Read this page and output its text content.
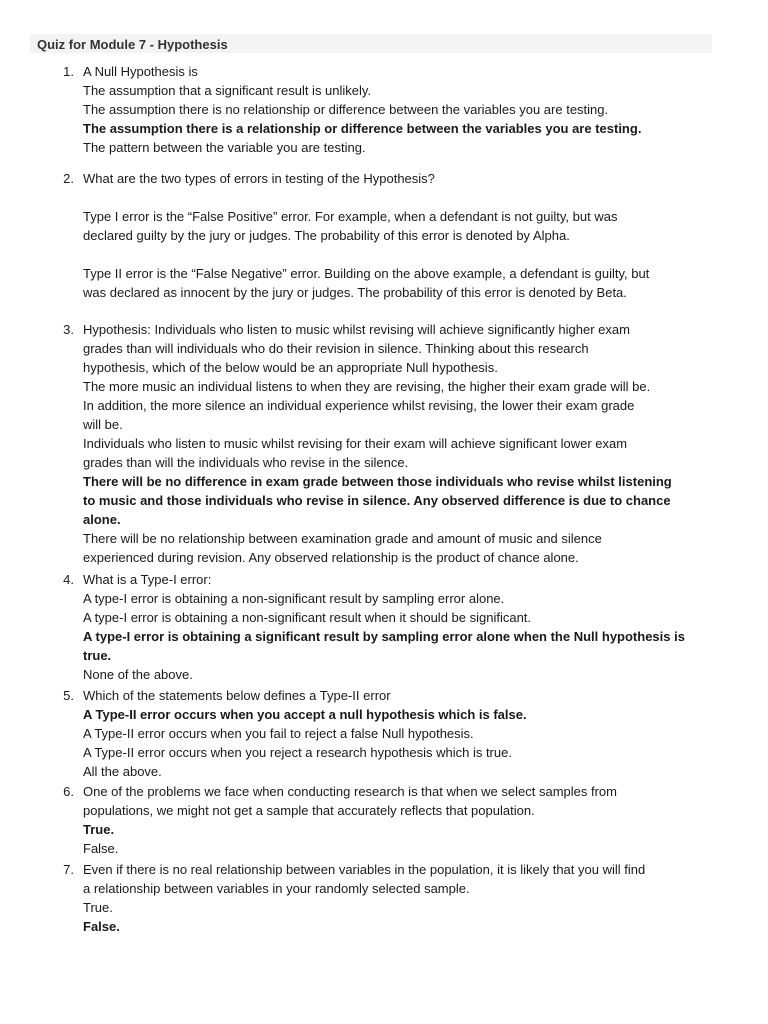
Quiz for Module 7 - Hypothesis
1. A Null Hypothesis is
The assumption that a significant result is unlikely.
The assumption there is no relationship or difference between the variables you are testing.
The assumption there is a relationship or difference between the variables you are testing.
The pattern between the variable you are testing.
2. What are the two types of errors in testing of the Hypothesis?
Type I error is the “False Positive” error. For example, when a defendant is not guilty, but was
declared guilty by the jury or judges. The probability of this error is denoted by Alpha.
Type II error is the “False Negative” error. Building on the above example, a defendant is guilty, but
was declared as innocent by the jury or judges. The probability of this error is denoted by Beta.
3. Hypothesis: Individuals who listen to music whilst revising will achieve significantly higher exam
grades than will individuals who do their revision in silence. Thinking about this research
hypothesis, which of the below would be an appropriate Null hypothesis.
The more music an individual listens to when they are revising, the higher their exam grade will be.
In addition, the more silence an individual experience whilst revising, the lower their exam grade
will be.
Individuals who listen to music whilst revising for their exam will achieve significant lower exam
grades than will the individuals who revise in the silence.
There will be no difference in exam grade between those individuals who revise whilst listening
to music and those individuals who revise in silence. Any observed difference is due to chance
alone.
There will be no relationship between examination grade and amount of music and silence
experienced during revision. Any observed relationship is the product of chance alone.
4. What is a Type-I error:
A type-I error is obtaining a non-significant result by sampling error alone.
A type-I error is obtaining a non-significant result when it should be significant.
A type-I error is obtaining a significant result by sampling error alone when the Null hypothesis is
true.
None of the above.
5. Which of the statements below defines a Type-II error
A Type-II error occurs when you accept a null hypothesis which is false.
A Type-II error occurs when you fail to reject a false Null hypothesis.
A Type-II error occurs when you reject a research hypothesis which is true.
All the above.
6. One of the problems we face when conducting research is that when we select samples from
populations, we might not get a sample that accurately reflects that population.
True.
False.
7. Even if there is no real relationship between variables in the population, it is likely that you will find
a relationship between variables in your randomly selected sample.
True.
False.
